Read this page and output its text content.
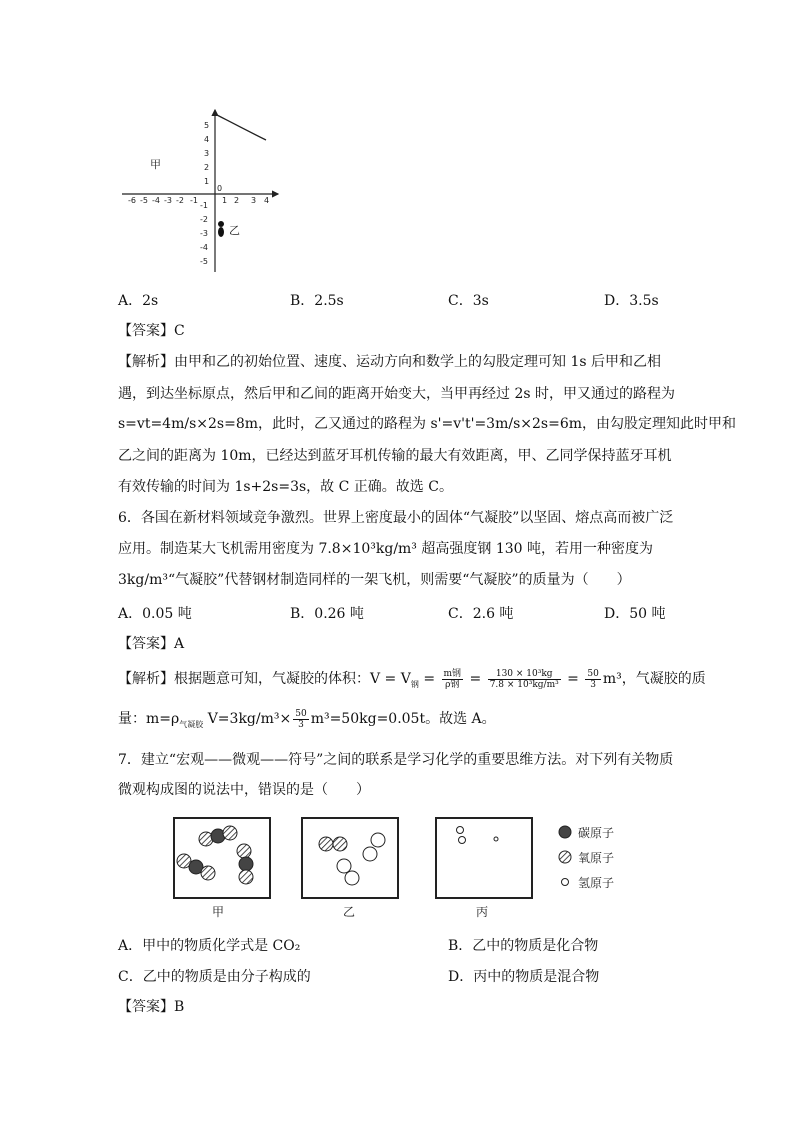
-6 -5 -4 -3 -2 -1	1 2 3 4
5
4
3
2
1
-1
-2
-3
-4
-5
0
甲
乙
A．2s	B．2.5s	C．3s	D．3.5s
【答案】C
【解析】由甲和乙的初始位置、速度、运动方向和数学上的勾股定理可知 1s 后甲和乙相
遇，到达坐标原点，然后甲和乙间的距离开始变大，当甲再经过 2s 时，甲又通过的路程为
s=vt=4m/s×2s=8m，此时，乙又通过的路程为 s'=v't'=3m/s×2s=6m，由勾股定理知此时甲和
乙之间的距离为 10m，已经达到蓝牙耳机传输的最大有效距离，甲、乙同学保持蓝牙耳机
有效传输的时间为 1s+2s=3s，故 C 正确。故选 C。
6．各国在新材料领域竞争激烈。世界上密度最小的固体“气凝胶”以坚固、熔点高而被广泛
应用。制造某大飞机需用密度为 7.8×10³kg/m³ 超高强度钢 130 吨，若用一种密度为
3kg/m³“气凝胶”代替钢材制造同样的一架飞机，则需要“气凝胶”的质量为（　　）
A．0.05 吨	B．0.26 吨	C．2.6 吨	D．50 吨
【答案】A
【解析】根据题意可知，气凝胶的体积：$V = V_钢 = \frac{\text{m钢}}{\text{ρ钢}} = \frac{\text{130 × 10³kg}}{\text{7.8 × 10³kg/m³}} = \frac{50}{3} m^3$，气凝胶的质
量：$m=\rho_{气凝胶}$ $V=3kg/m^3\times \frac{50}{3} m^3=50kg=0.05t$。故选 A。
7．建立“宏观——微观——符号”之间的联系是学习化学的重要思维方法。对下列有关物质
微观构成图的说法中，错误的是（　　）
甲	乙	丙
碳原子
氧原子
氢原子
A．甲中的物质化学式是 CO₂	B．乙中的物质是化合物
C．乙中的物质是由分子构成的	D．丙中的物质是混合物
【答案】B
